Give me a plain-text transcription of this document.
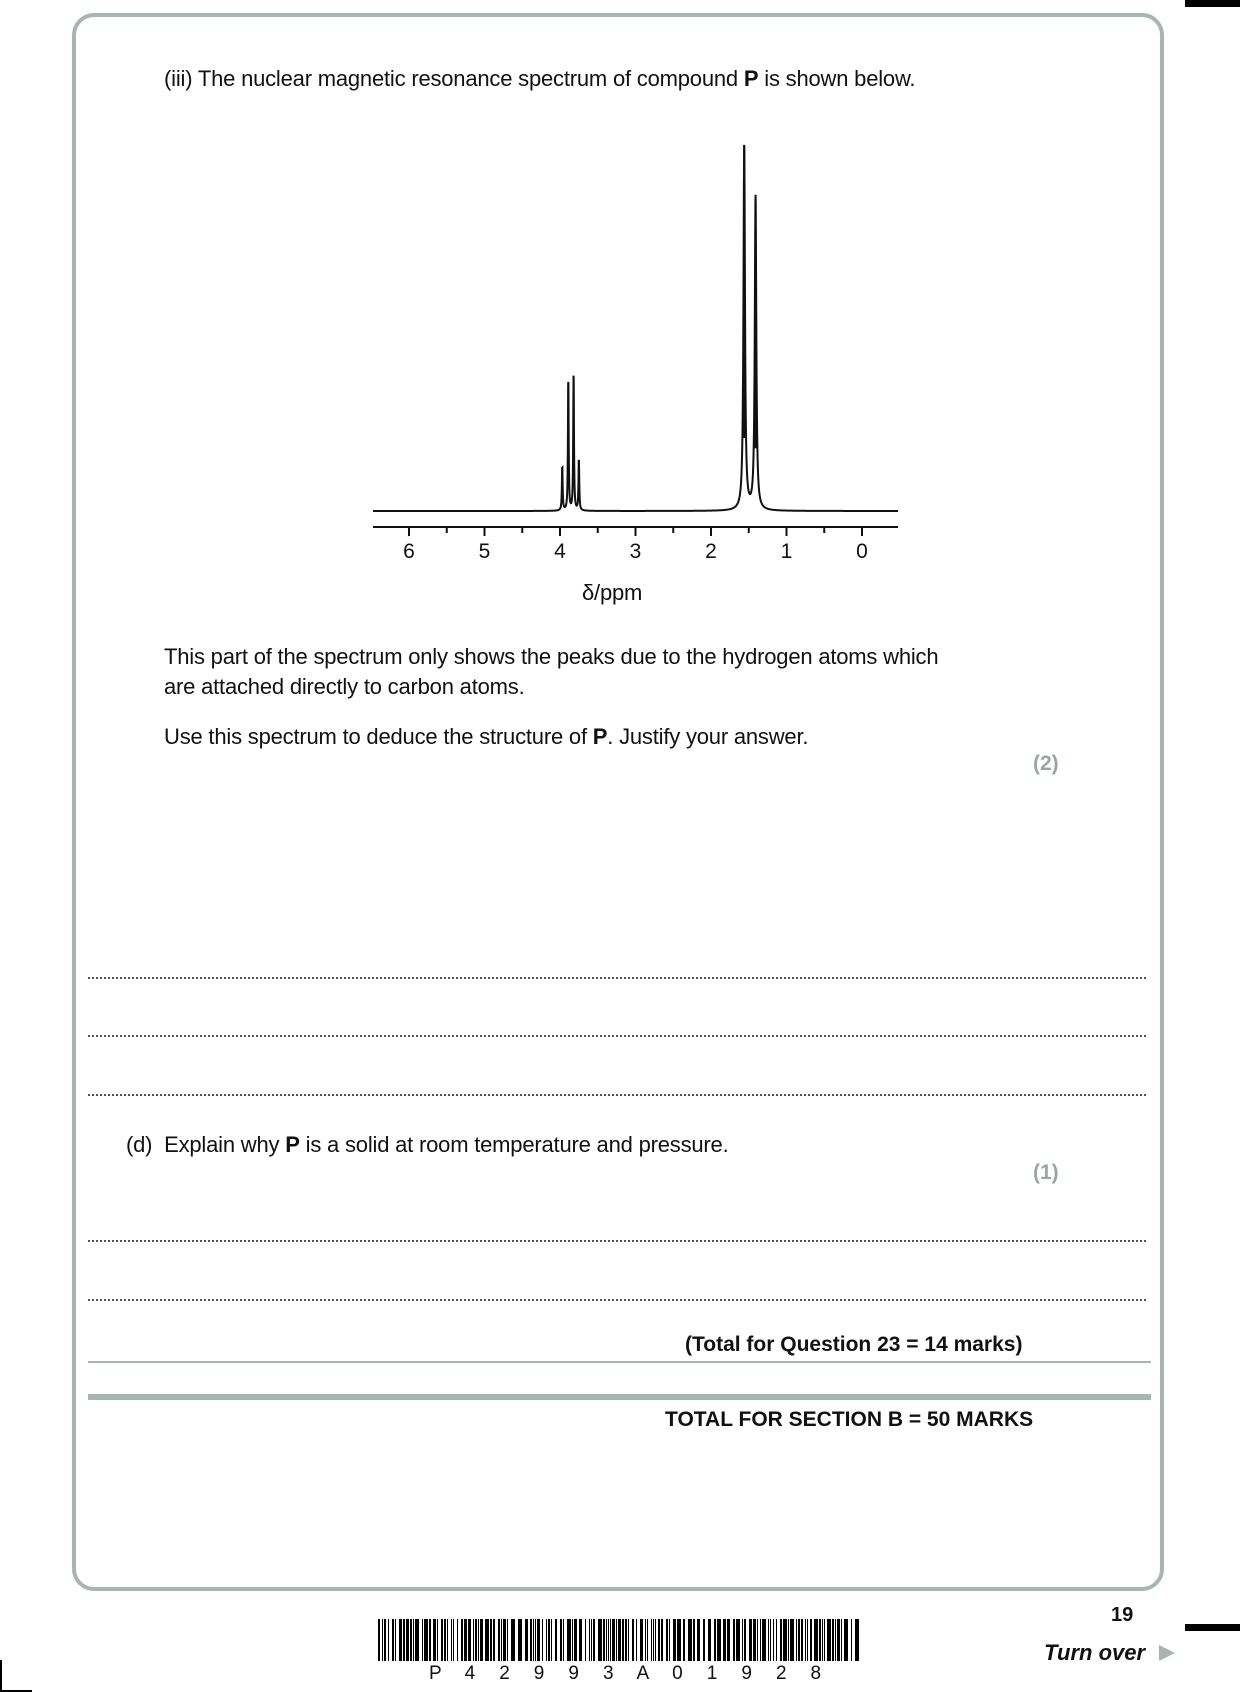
(iii) The nuclear magnetic resonance spectrum of compound P is shown below.
6	5	4	3	2	1	0
δ/ppm
This part of the spectrum only shows the peaks due to the hydrogen atoms which
are attached directly to carbon atoms.
Use this spectrum to deduce the structure of P. Justify your answer.
(2)
(d) Explain why P is a solid at room temperature and pressure.
(1)
(Total for Question 23 = 14 marks)
TOTAL FOR SECTION B = 50 MARKS
P 4 2 9 9 3 A 0 1 9 2 8
19
Turn over
